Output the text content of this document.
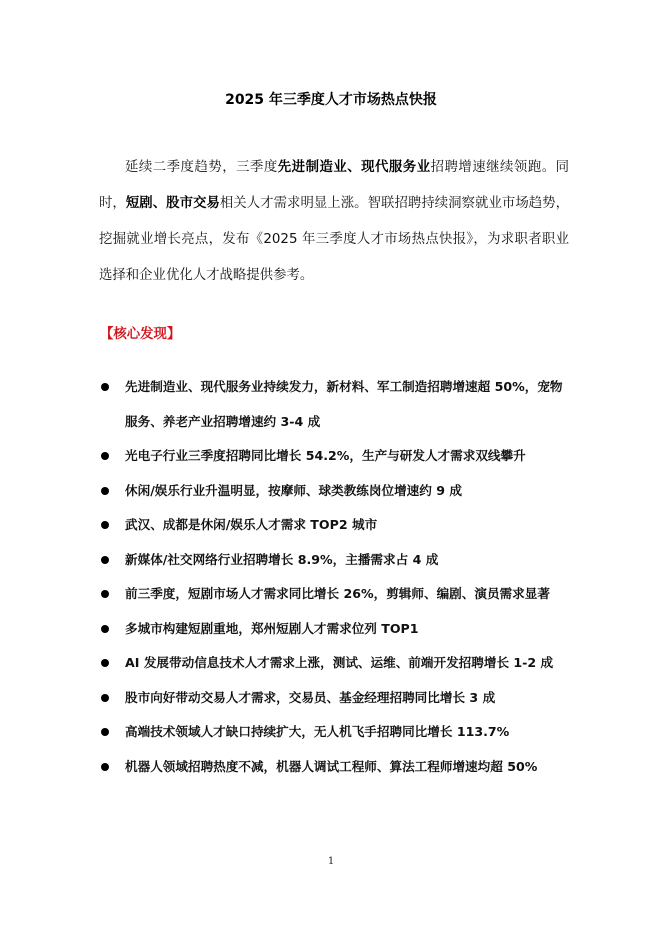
2025 年三季度人才市场热点快报

延续二季度趋势，三季度先进制造业、现代服务业招聘增速继续领跑。同时，短剧、股市交易相关人才需求明显上涨。智联招聘持续洞察就业市场趋势，挖掘就业增长亮点，发布《2025 年三季度人才市场热点快报》，为求职者职业选择和企业优化人才战略提供参考。

【核心发现】
先进制造业、现代服务业持续发力，新材料、军工制造招聘增速超 50%，宠物服务、养老产业招聘增速约 3-4 成
光电子行业三季度招聘同比增长 54.2%，生产与研发人才需求双线攀升
休闲/娱乐行业升温明显，按摩师、球类教练岗位增速约 9 成
武汉、成都是休闲/娱乐人才需求 TOP2 城市
新媒体/社交网络行业招聘增长 8.9%，主播需求占 4 成
前三季度，短剧市场人才需求同比增长 26%，剪辑师、编剧、演员需求显著
多城市构建短剧重地，郑州短剧人才需求位列 TOP1
AI 发展带动信息技术人才需求上涨，测试、运维、前端开发招聘增长 1-2 成
股市向好带动交易人才需求，交易员、基金经理招聘同比增长 3 成
高端技术领域人才缺口持续扩大，无人机飞手招聘同比增长 113.7%
机器人领域招聘热度不减，机器人调试工程师、算法工程师增速均超 50%
1
